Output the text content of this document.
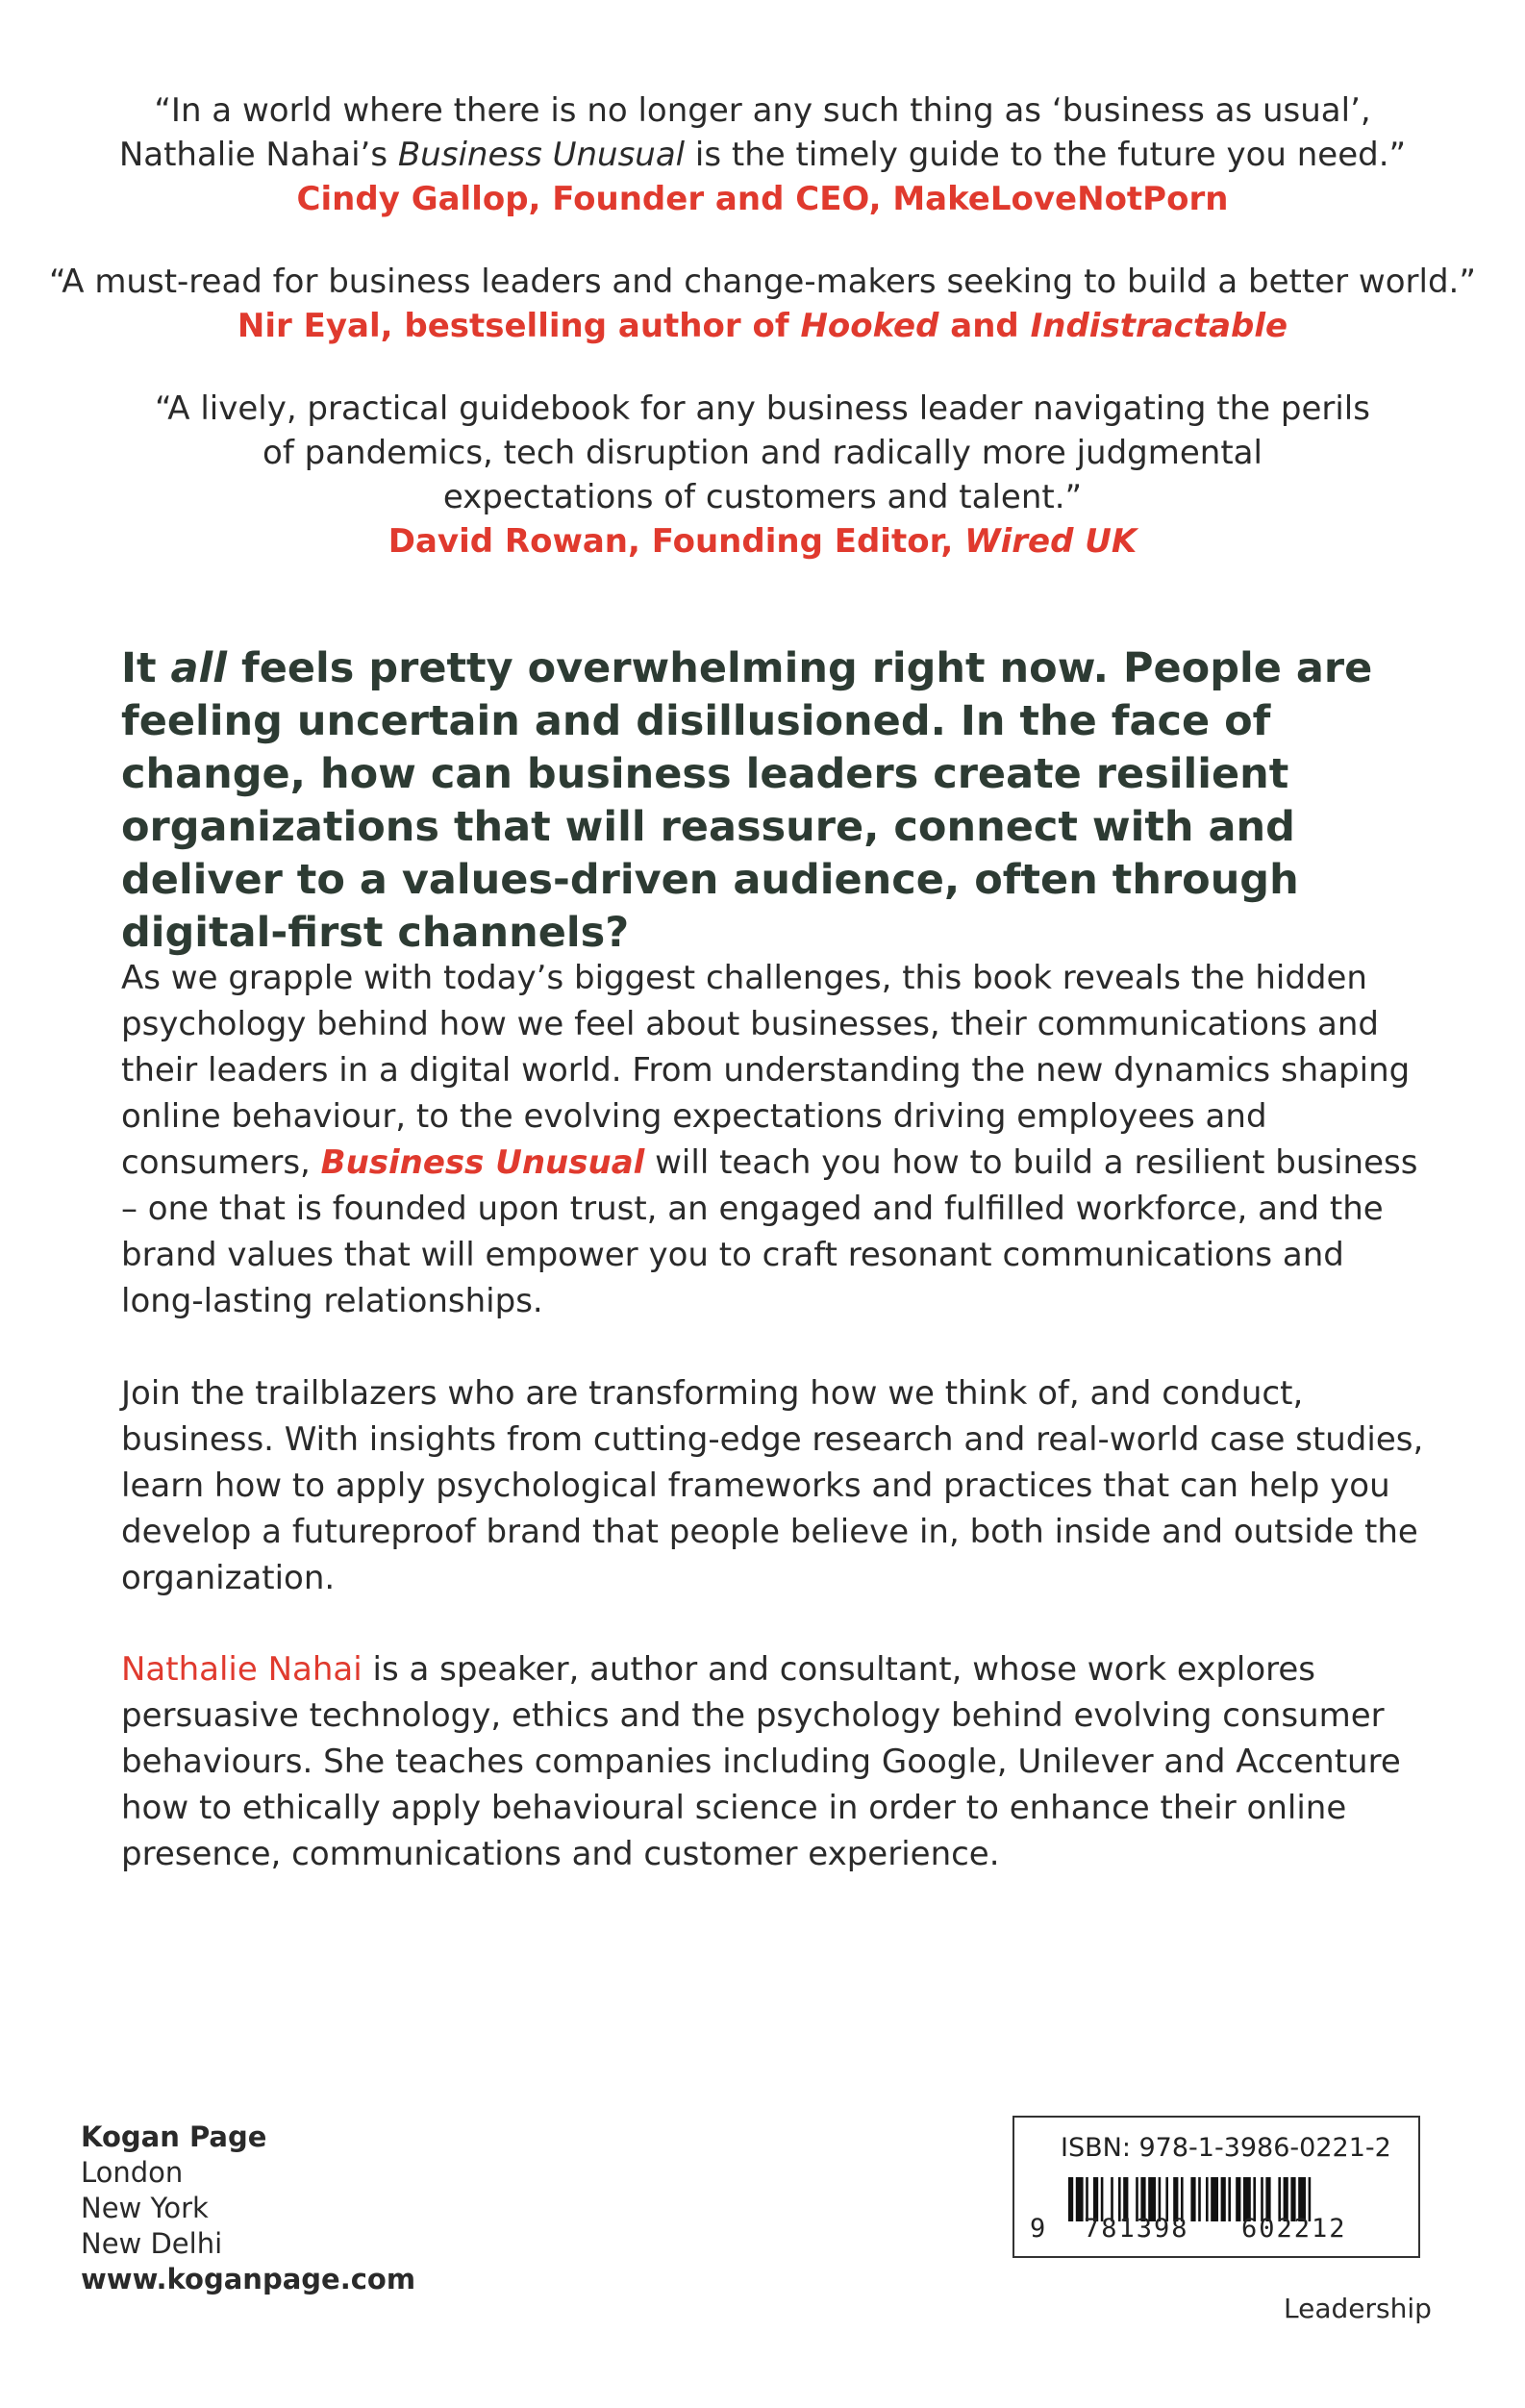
“In a world where there is no longer any such thing as ‘business as usual’,
Nathalie Nahai’s Business Unusual is the timely guide to the future you need.”
Cindy Gallop, Founder and CEO, MakeLoveNotPorn
“A must-read for business leaders and change-makers seeking to build a better world.”
Nir Eyal, bestselling author of Hooked and Indistractable
“A lively, practical guidebook for any business leader navigating the perils
of pandemics, tech disruption and radically more judgmental
expectations of customers and talent.”
David Rowan, Founding Editor, Wired UK
It all feels pretty overwhelming right now. People are feeling uncertain and disillusioned. In the face of change, how can business leaders create resilient organizations that will reassure, connect with and deliver to a values-driven audience, often through digital-first channels?
As we grapple with today’s biggest challenges, this book reveals the hidden psychology behind how we feel about businesses, their communications and their leaders in a digital world. From understanding the new dynamics shaping online behaviour, to the evolving expectations driving employees and consumers, Business Unusual will teach you how to build a resilient business – one that is founded upon trust, an engaged and fulfilled workforce, and the brand values that will empower you to craft resonant communications and long-lasting relationships.
Join the trailblazers who are transforming how we think of, and conduct, business. With insights from cutting-edge research and real-world case studies, learn how to apply psychological frameworks and practices that can help you develop a futureproof brand that people believe in, both inside and outside the organization.
Nathalie Nahai is a speaker, author and consultant, whose work explores persuasive technology, ethics and the psychology behind evolving consumer behaviours. She teaches companies including Google, Unilever and Accenture how to ethically apply behavioural science in order to enhance their online presence, communications and customer experience.
Kogan Page
London
New York
New Delhi
www.koganpage.com
ISBN: 978-1-3986-0221-2
9 781398 602212
Leadership
